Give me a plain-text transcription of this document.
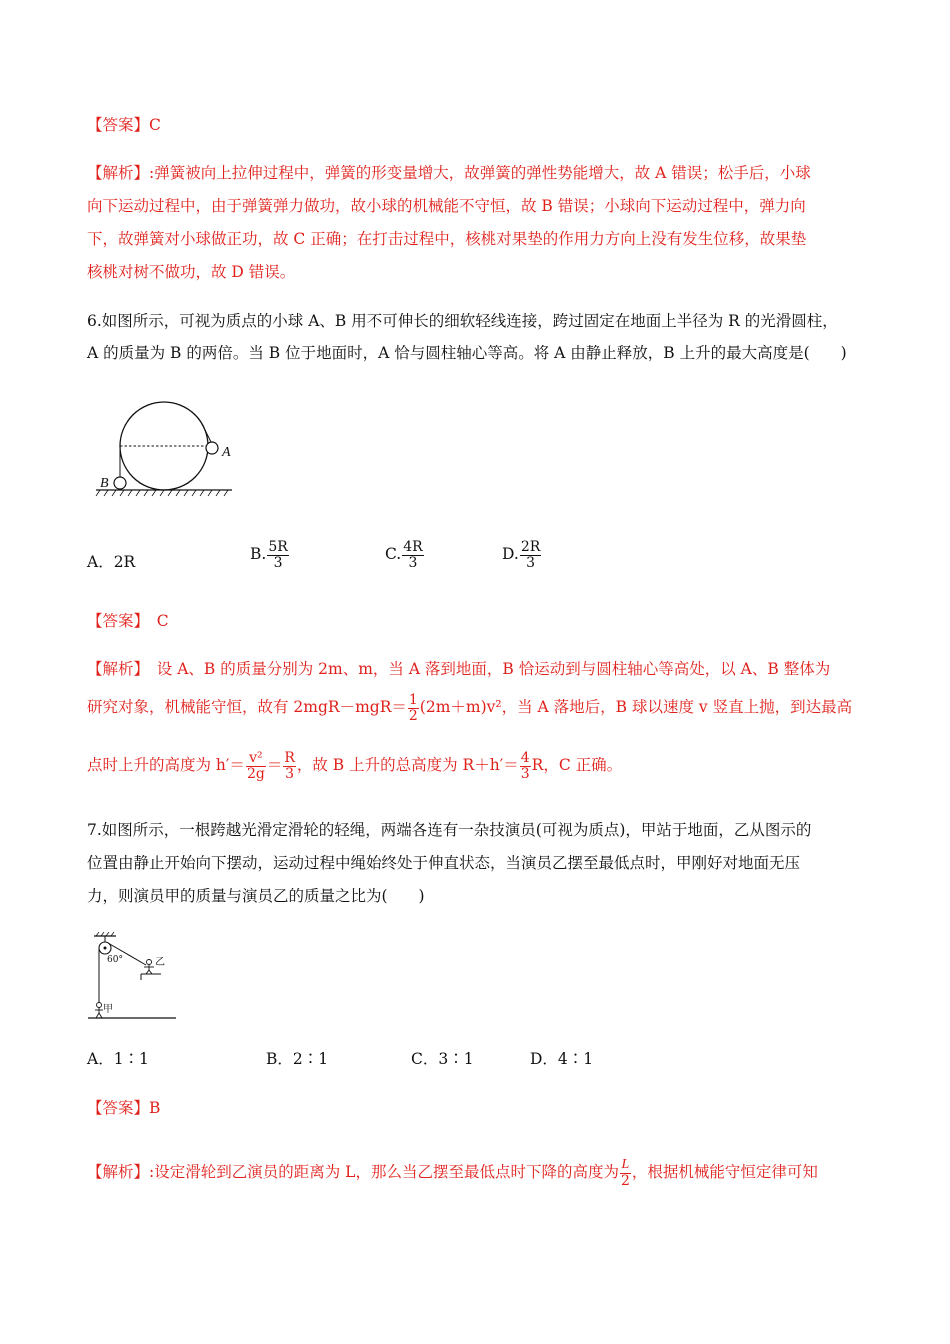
【答案】C
【解析】:弹簧被向上拉伸过程中，弹簧的形变量增大，故弹簧的弹性势能增大，故 A 错误；松手后，小球
向下运动过程中，由于弹簧弹力做功，故小球的机械能不守恒，故 B 错误；小球向下运动过程中，弹力向
下，故弹簧对小球做正功，故 C 正确；在打击过程中，核桃对果垫的作用力方向上没有发生位移，故果垫
核桃对树不做功，故 D 错误。
6.如图所示，可视为质点的小球 A、B 用不可伸长的细软轻线连接，跨过固定在地面上半径为 R 的光滑圆柱，
A 的质量为 B 的两倍。当 B 位于地面时，A 恰与圆柱轴心等高。将 A 由静止释放，B 上升的最大高度是(　　)
A
B
A．2R	B. $\frac{5R}{3}$	C. $\frac{4R}{3}$	D. $\frac{2R}{3}$
【答案】　C
【解析】　设 A、B 的质量分别为 2m、m，当 A 落到地面，B 恰运动到与圆柱轴心等高处，以 A、B 整体为
研究对象，机械能守恒，故有 $2mgR-mgR= \frac{1}{2} (2m+m)v^2$，当 A 落地后，B 球以速度 v 竖直上抛，到达最高
点时上升的高度为 $h'= \frac{\text{v²}}{2g} = \frac{R}{3}$ ，故 B 上升的总高度为 $R+h'= \frac{4}{3}$ R，C 正确。
7.如图所示，一根跨越光滑定滑轮的轻绳，两端各连有一杂技演员(可视为质点)，甲站于地面，乙从图示的
位置由静止开始向下摆动，运动过程中绳始终处于伸直状态，当演员乙摆至最低点时，甲刚好对地面无压
力，则演员甲的质量与演员乙的质量之比为(　　)
60°	乙
甲
A．1∶1	B．2∶1	C．3∶1	D．4∶1
【答案】B
【解析】:设定滑轮到乙演员的距离为 L，那么当乙摆至最低点时下降的高度为 $\frac{L}{2}$ ，根据机械能守恒定律可知
